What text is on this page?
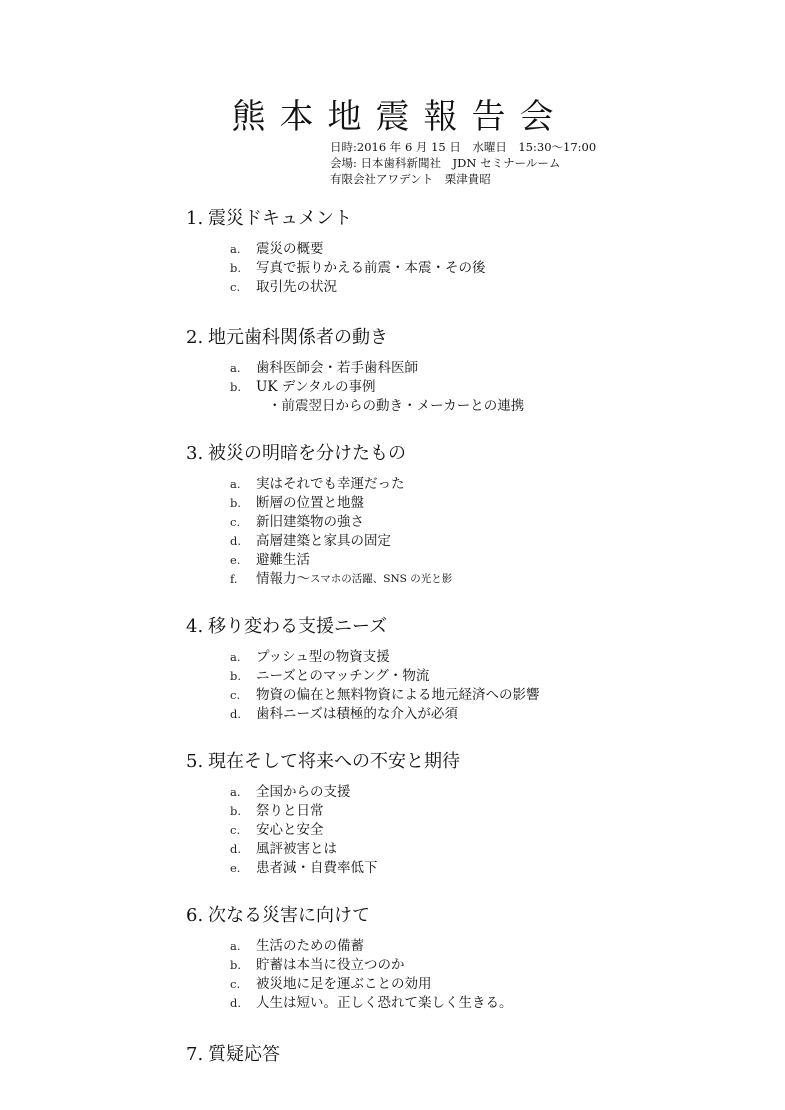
熊本地震報告会
日時:2016 年 6 月 15 日　水曜日　15:30～17:00
会場: 日本歯科新聞社　JDN セミナールーム
有限会社アワデント　栗津貴昭
1. 震災ドキュメント
a.	震災の概要
b.	写真で振りかえる前震・本震・その後
c.	取引先の状況
2. 地元歯科関係者の動き
a.	歯科医師会・若手歯科医師
b.	UK デンタルの事例
・前震翌日からの動き・メーカーとの連携
3. 被災の明暗を分けたもの
a.	実はそれでも幸運だった
b.	断層の位置と地盤
c.	新旧建築物の強さ
d.	高層建築と家具の固定
e.	避難生活
f.	情報力～ スマホの活躍、SNS の光と影
4. 移り変わる支援ニーズ
a.	プッシュ型の物資支援
b.	ニーズとのマッチング・物流
c.	物資の偏在と無料物資による地元経済への影響
d.	歯科ニーズは積極的な介入が必須
5. 現在そして将来への不安と期待
a.	全国からの支援
b.	祭りと日常
c.	安心と安全
d.	風評被害とは
e.	患者減・自費率低下
6. 次なる災害に向けて
a.	生活のための備蓄
b.	貯蓄は本当に役立つのか
c.	被災地に足を運ぶことの効用
d.	人生は短い。正しく恐れて楽しく生きる。
7. 質疑応答
